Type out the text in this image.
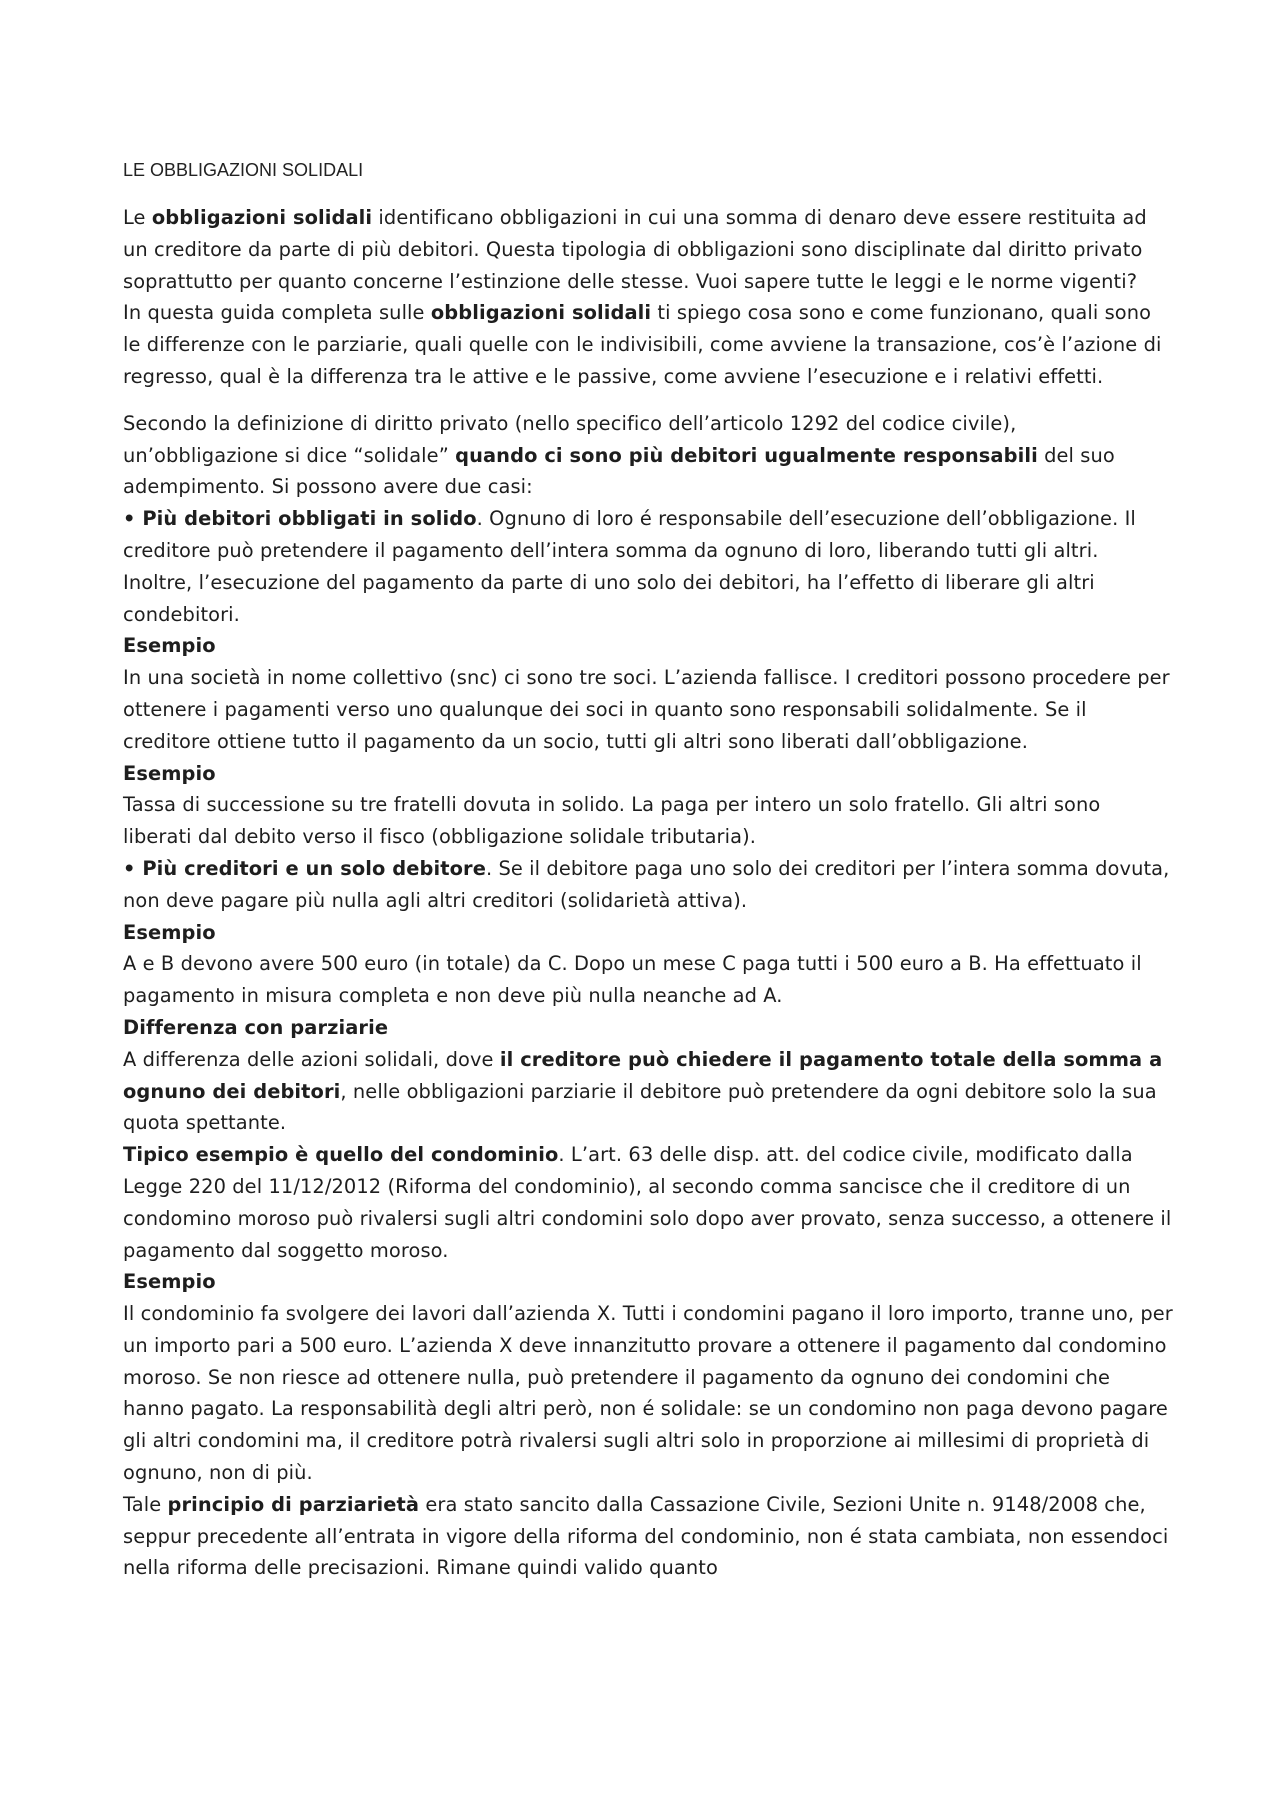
LE OBBLIGAZIONI SOLIDALI

Le obbligazioni solidali identificano obbligazioni in cui una somma di denaro deve essere restituita ad un creditore da parte di più debitori. Questa tipologia di obbligazioni sono disciplinate dal diritto privato soprattutto per quanto concerne l’estinzione delle stesse. Vuoi sapere tutte le leggi e le norme vigenti?

In questa guida completa sulle obbligazioni solidali ti spiego cosa sono e come funzionano, quali sono le differenze con le parziarie, quali quelle con le indivisibili, come avviene la transazione, cos’è l’azione di regresso, qual è la differenza tra le attive e le passive, come avviene l’esecuzione e i relativi effetti.

Secondo la definizione di diritto privato (nello specifico dell’articolo 1292 del codice civile), un’obbligazione si dice “solidale” quando ci sono più debitori ugualmente responsabili del suo adempimento. Si possono avere due casi:

• Più debitori obbligati in solido. Ognuno di loro é responsabile dell’esecuzione dell’obbligazione. Il creditore può pretendere il pagamento dell’intera somma da ognuno di loro, liberando tutti gli altri. Inoltre, l’esecuzione del pagamento da parte di uno solo dei debitori, ha l’effetto di liberare gli altri condebitori.

Esempio

In una società in nome collettivo (snc) ci sono tre soci. L’azienda fallisce. I creditori possono procedere per ottenere i pagamenti verso uno qualunque dei soci in quanto sono responsabili solidalmente. Se il creditore ottiene tutto il pagamento da un socio, tutti gli altri sono liberati dall’obbligazione.

Esempio

Tassa di successione su tre fratelli dovuta in solido. La paga per intero un solo fratello. Gli altri sono liberati dal debito verso il fisco (obbligazione solidale tributaria).

• Più creditori e un solo debitore. Se il debitore paga uno solo dei creditori per l’intera somma dovuta, non deve pagare più nulla agli altri creditori (solidarietà attiva).

Esempio

A e B devono avere 500 euro (in totale) da C. Dopo un mese C paga tutti i 500 euro a B. Ha effettuato il pagamento in misura completa e non deve più nulla neanche ad A.

Differenza con parziarie

A differenza delle azioni solidali, dove il creditore può chiedere il pagamento totale della somma a ognuno dei debitori, nelle obbligazioni parziarie il debitore può pretendere da ogni debitore solo la sua quota spettante.

Tipico esempio è quello del condominio. L’art. 63 delle disp. att. del codice civile, modificato dalla Legge 220 del 11/12/2012 (Riforma del condominio), al secondo comma sancisce che il creditore di un condomino moroso può rivalersi sugli altri condomini solo dopo aver provato, senza successo, a ottenere il pagamento dal soggetto moroso.

Esempio

Il condominio fa svolgere dei lavori dall’azienda X. Tutti i condomini pagano il loro importo, tranne uno, per un importo pari a 500 euro. L’azienda X deve innanzitutto provare a ottenere il pagamento dal condomino moroso. Se non riesce ad ottenere nulla, può pretendere il pagamento da ognuno dei condomini che hanno pagato. La responsabilità degli altri però, non é solidale: se un condomino non paga devono pagare gli altri condomini ma, il creditore potrà rivalersi sugli altri solo in proporzione ai millesimi di proprietà di ognuno, non di più.

Tale principio di parziarietà era stato sancito dalla Cassazione Civile, Sezioni Unite n. 9148/2008 che, seppur precedente all’entrata in vigore della riforma del condominio, non é stata cambiata, non essendoci nella riforma delle precisazioni. Rimane quindi valido quanto
